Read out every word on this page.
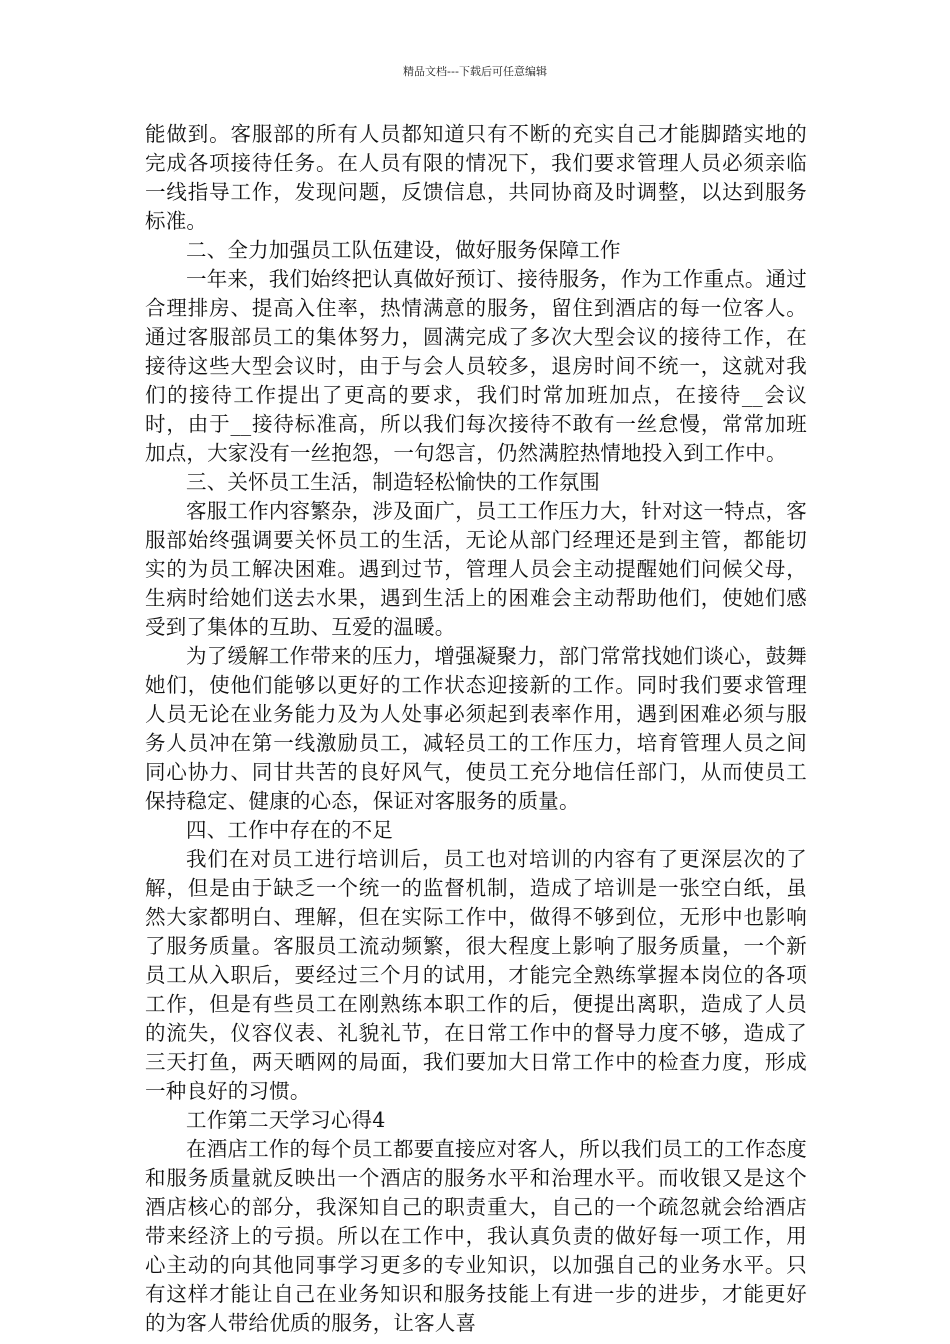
精品文档---下载后可任意编辑

能做到。客服部的所有人员都知道只有不断的充实自己才能脚踏实地的完成各项接待任务。在人员有限的情况下，我们要求管理人员必须亲临一线指导工作，发现问题，反馈信息，共同协商及时调整，以达到服务标准。

二、全力加强员工队伍建设，做好服务保障工作

一年来，我们始终把认真做好预订、接待服务，作为工作重点。通过合理排房、提高入住率，热情满意的服务，留住到酒店的每一位客人。通过客服部员工的集体努力，圆满完成了多次大型会议的接待工作，在接待这些大型会议时，由于与会人员较多，退房时间不统一，这就对我们的接待工作提出了更高的要求，我们时常加班加点，在接待__会议时，由于__接待标准高，所以我们每次接待不敢有一丝怠慢，常常加班加点，大家没有一丝抱怨，一句怨言，仍然满腔热情地投入到工作中。

三、关怀员工生活，制造轻松愉快的工作氛围

客服工作内容繁杂，涉及面广，员工工作压力大，针对这一特点，客服部始终强调要关怀员工的生活，无论从部门经理还是到主管，都能切实的为员工解决困难。遇到过节，管理人员会主动提醒她们问候父母，生病时给她们送去水果，遇到生活上的困难会主动帮助他们，使她们感受到了集体的互助、互爱的温暖。

为了缓解工作带来的压力，增强凝聚力，部门常常找她们谈心，鼓舞她们，使他们能够以更好的工作状态迎接新的工作。同时我们要求管理人员无论在业务能力及为人处事必须起到表率作用，遇到困难必须与服务人员冲在第一线激励员工，减轻员工的工作压力，培育管理人员之间同心协力、同甘共苦的良好风气，使员工充分地信任部门，从而使员工保持稳定、健康的心态，保证对客服务的质量。

四、工作中存在的不足

我们在对员工进行培训后，员工也对培训的内容有了更深层次的了解，但是由于缺乏一个统一的监督机制，造成了培训是一张空白纸，虽然大家都明白、理解，但在实际工作中，做得不够到位，无形中也影响了服务质量。客服员工流动频繁，很大程度上影响了服务质量，一个新员工从入职后，要经过三个月的试用，才能完全熟练掌握本岗位的各项工作，但是有些员工在刚熟练本职工作的后，便提出离职，造成了人员的流失，仪容仪表、礼貌礼节，在日常工作中的督导力度不够，造成了三天打鱼，两天晒网的局面，我们要加大日常工作中的检查力度，形成一种良好的习惯。

工作第二天学习心得4

在酒店工作的每个员工都要直接应对客人，所以我们员工的工作态度和服务质量就反映出一个酒店的服务水平和治理水平。而收银又是这个酒店核心的部分，我深知自己的职责重大，自己的一个疏忽就会给酒店带来经济上的亏损。所以在工作中，我认真负责的做好每一项工作，用心主动的向其他同事学习更多的专业知识，以加强自己的业务水平。只有这样才能让自己在业务知识和服务技能上有进一步的进步，才能更好的为客人带给优质的服务，让客人喜
